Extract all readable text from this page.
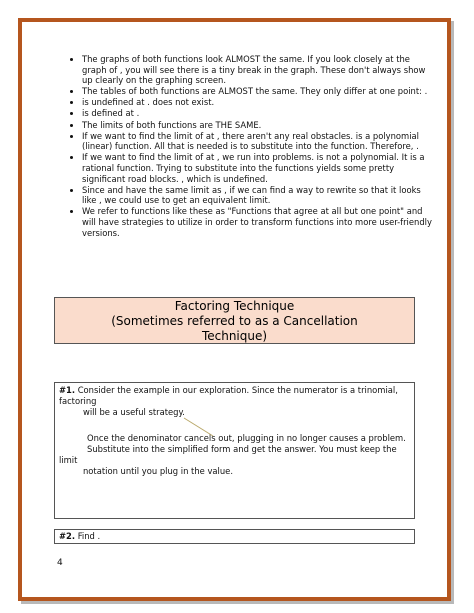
• The graphs of both functions look ALMOST the same. If you look closely at the graph of , you will see there is a tiny break in the graph. These don't always show up clearly on the graphing screen.
• The tables of both functions are ALMOST the same. They only differ at one point: .
• is undefined at . does not exist.
• is defined at .
• The limits of both functions are THE SAME.
• If we want to find the limit of at , there aren't any real obstacles. is a polynomial (linear) function. All that is needed is to substitute into the function. Therefore, .
• If we want to find the limit of at , we run into problems. is not a polynomial. It is a rational function. Trying to substitute into the functions yields some pretty significant road blocks. , which is undefined.
• Since and have the same limit as , if we can find a way to rewrite so that it looks like , we could use to get an equivalent limit.
• We refer to functions like these as "Functions that agree at all but one point" and will have strategies to utilize in order to transform functions into more user-friendly versions.
Factoring Technique
(Sometimes referred to as a Cancellation
Technique)

#1. Consider the example in our exploration. Since the numerator is a trinomial, factoring

will be a useful strategy.

Once the denominator cancels out, plugging in no longer causes a problem.

Substitute into the simplified form and get the answer. You must keep the limit

notation until you plug in the value.

#2. Find .
4
